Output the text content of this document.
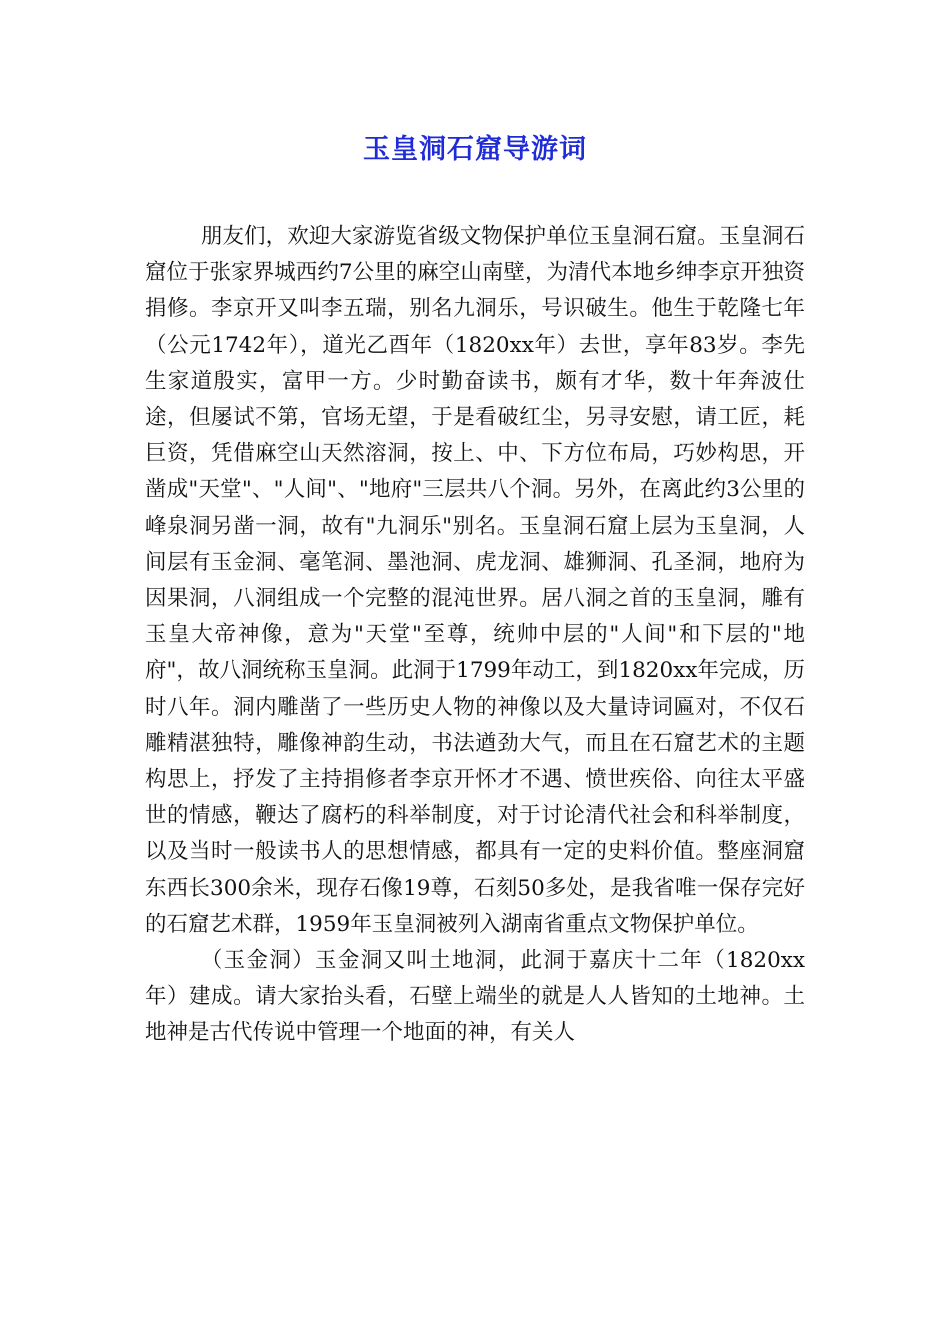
玉皇洞石窟导游词

朋友们，欢迎大家游览省级文物保护单位玉皇洞石窟。玉皇洞石窟位于张家界城西约7公里的麻空山南壁，为清代本地乡绅李京开独资捐修。李京开又叫李五瑞，别名九洞乐，号识破生。他生于乾隆七年（公元1742年），道光乙酉年（1820xx年）去世，享年83岁。李先生家道殷实，富甲一方。少时勤奋读书，颇有才华，数十年奔波仕途，但屡试不第，官场无望，于是看破红尘，另寻安慰，请工匠，耗巨资，凭借麻空山天然溶洞，按上、中、下方位布局，巧妙构思，开凿成"天堂"、"人间"、"地府"三层共八个洞。另外，在离此约3公里的峰泉洞另凿一洞，故有"九洞乐"别名。玉皇洞石窟上层为玉皇洞，人间层有玉金洞、毫笔洞、墨池洞、虎龙洞、雄狮洞、孔圣洞，地府为因果洞，八洞组成一个完整的混沌世界。居八洞之首的玉皇洞，雕有玉皇大帝神像，意为"天堂"至尊，统帅中层的"人间"和下层的"地府"，故八洞统称玉皇洞。此洞于1799年动工，到1820xx年完成，历时八年。洞内雕凿了一些历史人物的神像以及大量诗词匾对，不仅石雕精湛独特，雕像神韵生动，书法遒劲大气，而且在石窟艺术的主题构思上，抒发了主持捐修者李京开怀才不遇、愤世疾俗、向往太平盛世的情感，鞭达了腐朽的科举制度，对于讨论清代社会和科举制度，以及当时一般读书人的思想情感，都具有一定的史料价值。整座洞窟东西长300余米，现存石像19尊，石刻50多处，是我省唯一保存完好的石窟艺术群，1959年玉皇洞被列入湖南省重点文物保护单位。

（玉金洞）玉金洞又叫土地洞，此洞于嘉庆十二年（1820xx年）建成。请大家抬头看，石壁上端坐的就是人人皆知的土地神。土地神是古代传说中管理一个地面的神，有关人
